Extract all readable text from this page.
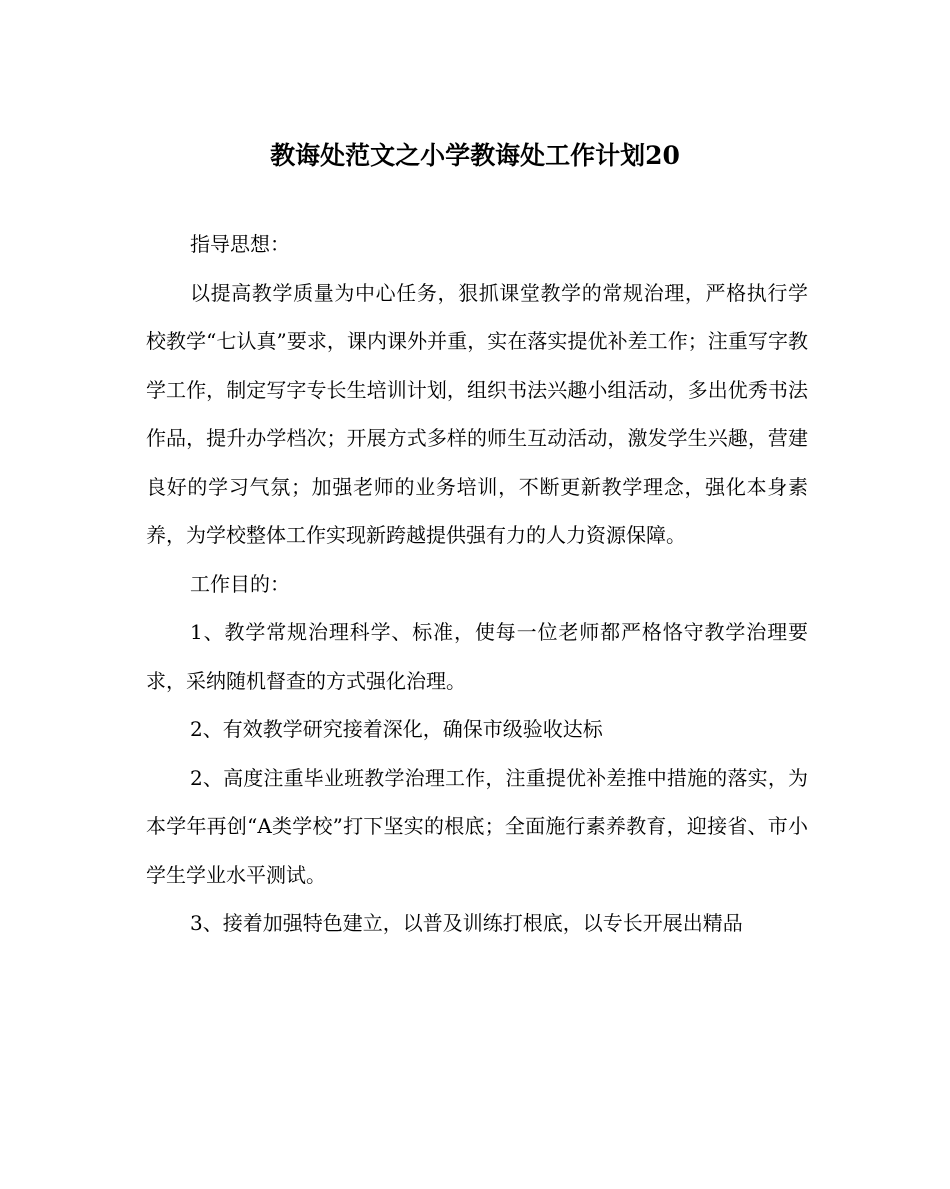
教诲处范文之小学教诲处工作计划20

指导思想：

以提高教学质量为中心任务，狠抓课堂教学的常规治理，严格执行学校教学“七认真”要求，课内课外并重，实在落实提优补差工作；注重写字教学工作，制定写字专长生培训计划，组织书法兴趣小组活动，多出优秀书法作品，提升办学档次；开展方式多样的师生互动活动，激发学生兴趣，营建良好的学习气氛；加强老师的业务培训，不断更新教学理念，强化本身素养，为学校整体工作实现新跨越提供强有力的人力资源保障。

工作目的：

1、教学常规治理科学、标准，使每一位老师都严格恪守教学治理要求，采纳随机督查的方式强化治理。

2、有效教学研究接着深化，确保市级验收达标

2、高度注重毕业班教学治理工作，注重提优补差推中措施的落实，为本学年再创“A类学校”打下坚实的根底；全面施行素养教育，迎接省、市小学生学业水平测试。

3、接着加强特色建立，以普及训练打根底，以专长开展出精品
